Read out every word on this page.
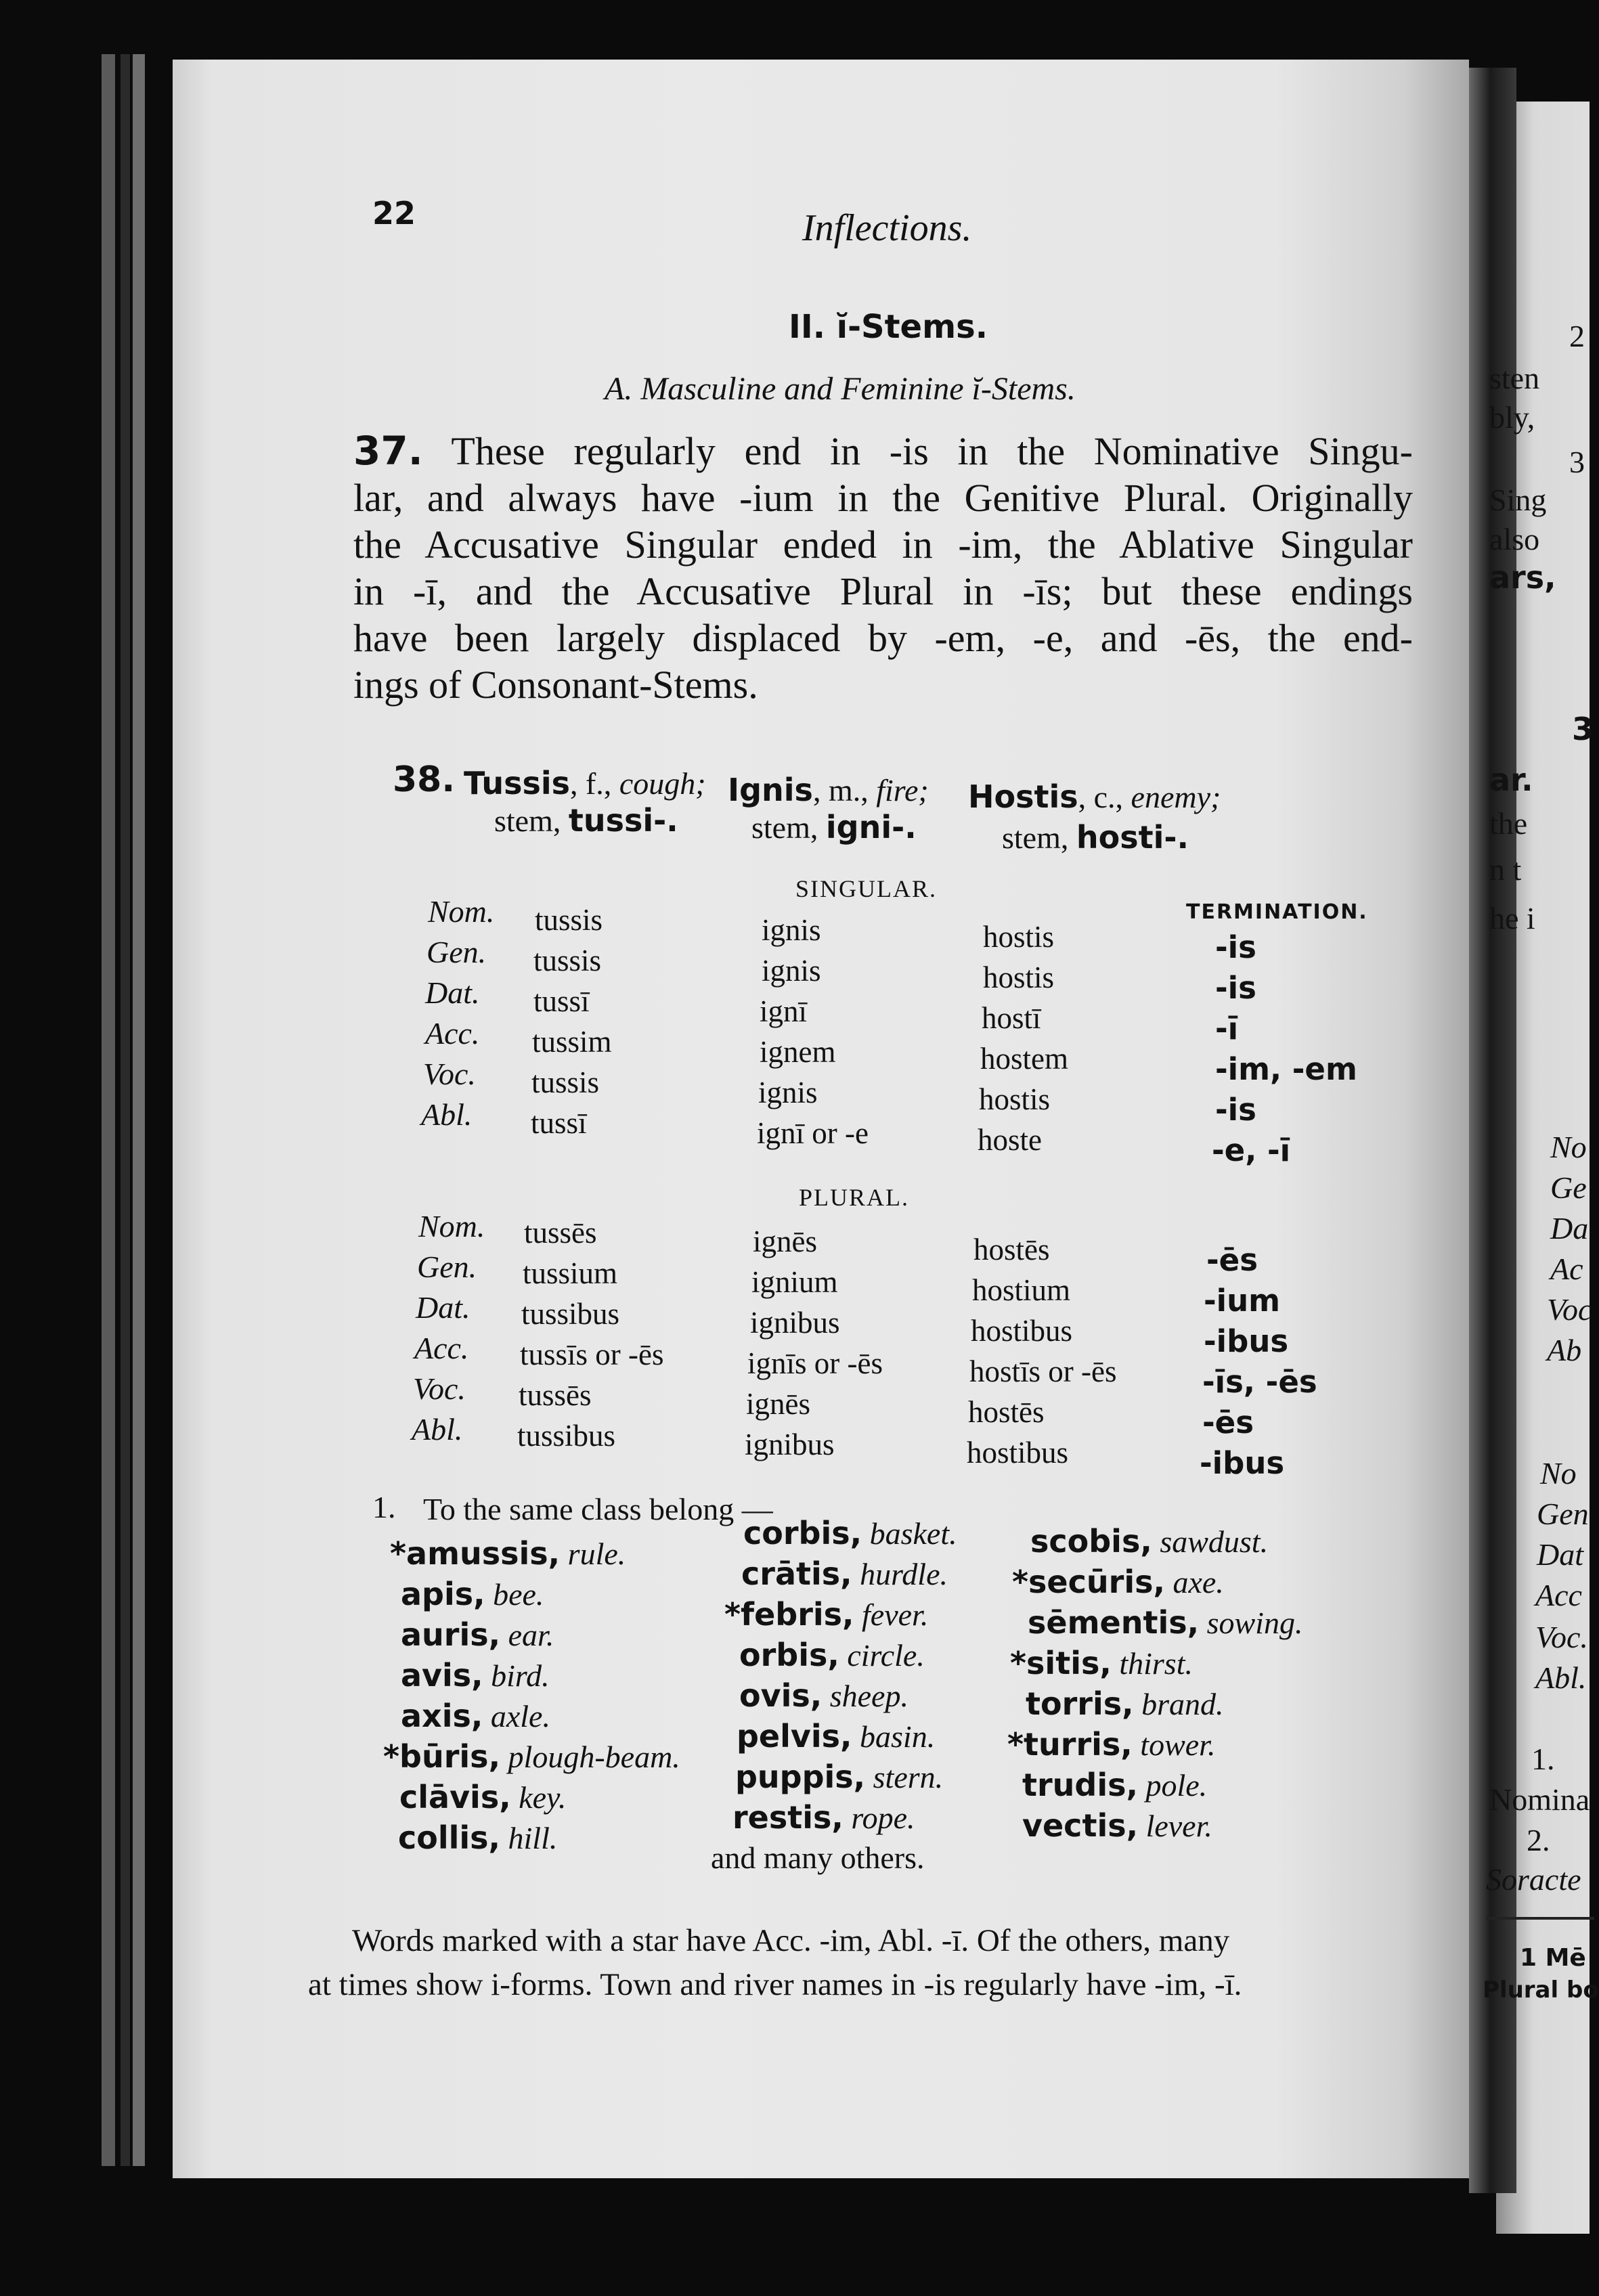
2
sten
bly,
3
Sing
also
ars,
3
ar.
the
n t
he i
No
Ge
Da
Ac
Voc
Ab
No
Gen
Dat
Acc
Voc.
Abl.
1.
Nomina
2.
Soracte
1 Mē
Plural bo
22	Inflections.
II. ĭ-Stems.
A. Masculine and Feminine ĭ-Stems.
37. These regularly end in -is in the Nominative Singu-
lar, and always have -ium in the Genitive Plural. Originally
the Accusative Singular ended in -im, the Ablative Singular
in -ī, and the Accusative Plural in -īs; but these endings
have been largely displaced by -em, -e, and -ēs, the end-
ings of Consonant-Stems.
38. Tussis, f., cough;
stem, tussi-.
Ignis, m., fire;
stem, igni-.
Hostis, c., enemy;
stem, hosti-.
SINGULAR.
TERMINATION.
Nom. tussis	ignis	hostis	-is
Gen. tussis	ignis	hostis	-is
Dat. tussī	ignī	hostī	-ī
Acc. tussim	ignem	hostem	-im, -em
Voc. tussis	ignis	hostis	-is
Abl. tussī	ignī or -e	hoste	-e, -ī
PLURAL.
Nom. tussēs	ignēs	hostēs	-ēs
Gen. tussium	ignium	hostium	-ium
Dat. tussibus	ignibus	hostibus	-ibus
Acc. tussīs or -ēs	ignīs or -ēs	hostīs or -ēs	-īs, -ēs
Voc. tussēs	ignēs	hostēs	-ēs
Abl. tussibus	ignibus	hostibus	-ibus
1. To the same class belong —
*amussis, rule.
apis, bee.
auris, ear.
avis, bird.
axis, axle.
*būris, plough-beam.
clāvis, key.
collis, hill.
corbis, basket.
crātis, hurdle.
*febris, fever.
orbis, circle.
ovis, sheep.
pelvis, basin.
puppis, stern.
restis, rope.
and many others.
scobis, sawdust.
*secūris, axe.
sēmentis, sowing.
*sitis, thirst.
torris, brand.
*turris, tower.
trudis, pole.
vectis, lever.
Words marked with a star have Acc. -im, Abl. -ī. Of the others, many
at times show i-forms. Town and river names in -is regularly have -im, -ī.
